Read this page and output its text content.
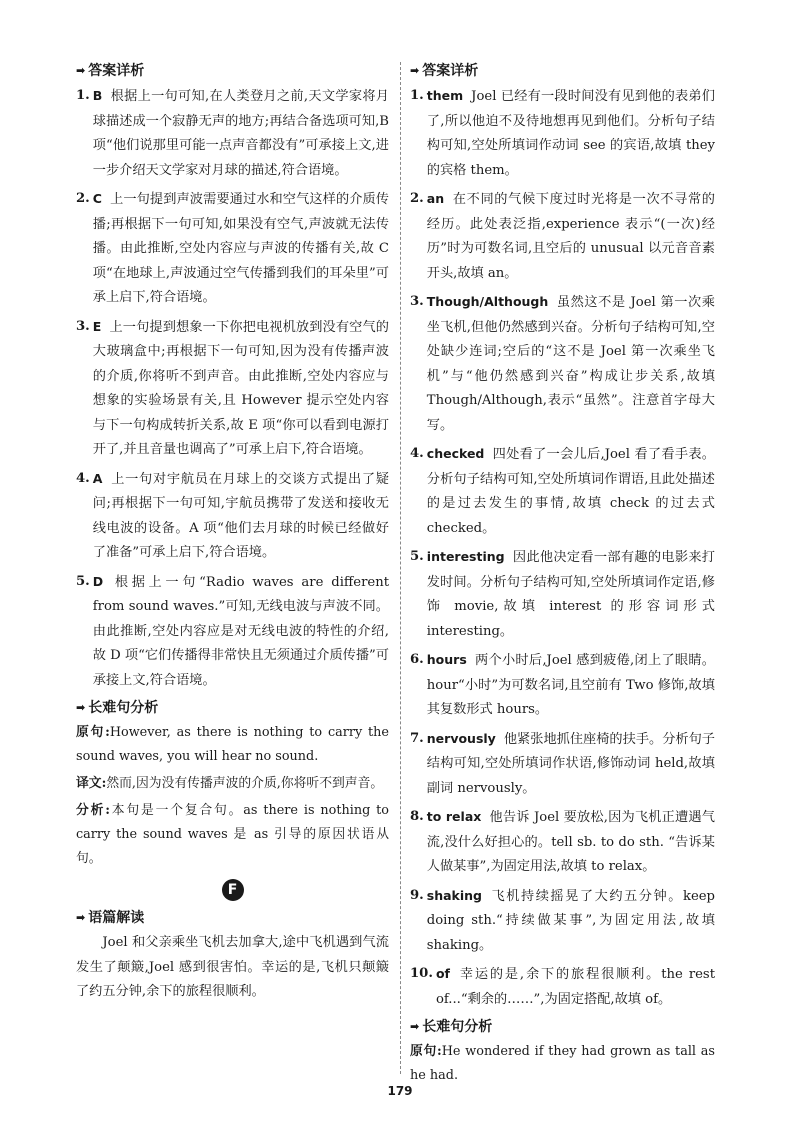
➡ 答案详析
1. B 根据上一句可知,在人类登月之前,天文学家将月球描述成一个寂静无声的地方;再结合备选项可知,B 项“他们说那里可能一点声音都没有”可承接上文,进一步介绍天文学家对月球的描述,符合语境。
2. C 上一句提到声波需要通过水和空气这样的介质传播;再根据下一句可知,如果没有空气,声波就无法传播。由此推断,空处内容应与声波的传播有关,故 C 项“在地球上,声波通过空气传播到我们的耳朵里”可承上启下,符合语境。
3. E 上一句提到想象一下你把电视机放到没有空气的大玻璃盒中;再根据下一句可知,因为没有传播声波的介质,你将听不到声音。由此推断,空处内容应与想象的实验场景有关,且 However 提示空处内容与下一句构成转折关系,故 E 项“你可以看到电源打开了,并且音量也调高了”可承上启下,符合语境。
4. A 上一句对宇航员在月球上的交谈方式提出了疑问;再根据下一句可知,宇航员携带了发送和接收无线电波的设备。A 项“他们去月球的时候已经做好了准备”可承上启下,符合语境。
5. D 根据上一句“Radio waves are different from sound waves.”可知,无线电波与声波不同。由此推断,空处内容应是对无线电波的特性的介绍,故 D 项“它们传播得非常快且无须通过介质传播”可承接上文,符合语境。
➡ 长难句分析
原句:However, as there is nothing to carry the sound waves, you will hear no sound.
译文:然而,因为没有传播声波的介质,你将听不到声音。
分析:本句是一个复合句。as there is nothing to carry the sound waves 是 as 引导的原因状语从句。
F
➡ 语篇解读
Joel 和父亲乘坐飞机去加拿大,途中飞机遇到气流发生了颠簸,Joel 感到很害怕。幸运的是,飞机只颠簸了约五分钟,余下的旅程很顺利。
➡ 答案详析
1. them Joel 已经有一段时间没有见到他的表弟们了,所以他迫不及待地想再见到他们。分析句子结构可知,空处所填词作动词 see 的宾语,故填 they 的宾格 them。
2. an 在不同的气候下度过时光将是一次不寻常的经历。此处表泛指,experience 表示“(一次)经历”时为可数名词,且空后的 unusual 以元音音素开头,故填 an。
3. Though/Although 虽然这不是 Joel 第一次乘坐飞机,但他仍然感到兴奋。分析句子结构可知,空处缺少连词;空后的“这不是 Joel 第一次乘坐飞机”与“他仍然感到兴奋”构成让步关系,故填 Though/Although,表示“虽然”。注意首字母大写。
4. checked 四处看了一会儿后,Joel 看了看手表。分析句子结构可知,空处所填词作谓语,且此处描述的是过去发生的事情,故填 check 的过去式 checked。
5. interesting 因此他决定看一部有趣的电影来打发时间。分析句子结构可知,空处所填词作定语,修饰 movie,故填 interest 的形容词形式 interesting。
6. hours 两个小时后,Joel 感到疲倦,闭上了眼睛。hour“小时”为可数名词,且空前有 Two 修饰,故填其复数形式 hours。
7. nervously 他紧张地抓住座椅的扶手。分析句子结构可知,空处所填词作状语,修饰动词 held,故填副词 nervously。
8. to relax 他告诉 Joel 要放松,因为飞机正遭遇气流,没什么好担心的。tell sb. to do sth. “告诉某人做某事”,为固定用法,故填 to relax。
9. shaking 飞机持续摇晃了大约五分钟。keep doing sth.“持续做某事”,为固定用法,故填 shaking。
10. of 幸运的是,余下的旅程很顺利。the rest of...“剩余的……”,为固定搭配,故填 of。
➡ 长难句分析
原句:He wondered if they had grown as tall as he had.
179
